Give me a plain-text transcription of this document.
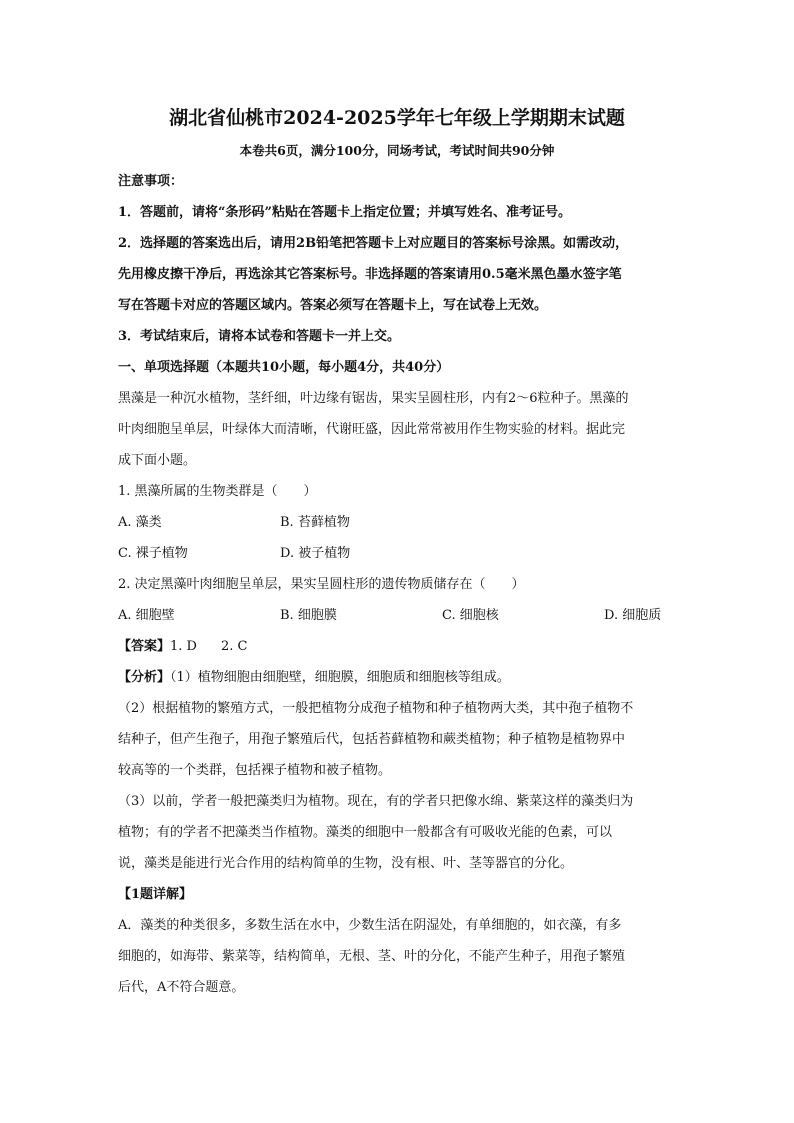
湖北省仙桃市2024-2025学年七年级上学期期末试题

本卷共6页，满分100分，同场考试，考试时间共90分钟

注意事项：

1．答题前，请将“条形码”粘贴在答题卡上指定位置；并填写姓名、准考证号。

2．选择题的答案选出后，请用2B铅笔把答题卡上对应题目的答案标号涂黑。如需改动，

先用橡皮擦干净后，再选涂其它答案标号。非选择题的答案请用0.5毫米黑色墨水签字笔

写在答题卡对应的答题区域内。答案必须写在答题卡上，写在试卷上无效。

3．考试结束后，请将本试卷和答题卡一并上交。

一、单项选择题（本题共10小题，每小题4分，共40分）

黑藻是一种沉水植物，茎纤细，叶边缘有锯齿，果实呈圆柱形，内有2～6粒种子。黑藻的

叶肉细胞呈单层，叶绿体大而清晰，代谢旺盛，因此常常被用作生物实验的材料。据此完

成下面小题。

1. 黑藻所属的生物类群是（　　）

A. 藻类	B. 苔藓植物
C. 裸子植物	D. 被子植物

2. 决定黑藻叶肉细胞呈单层，果实呈圆柱形的遗传物质储存在（　　）

A. 细胞壁	B. 细胞膜	C. 细胞核	D. 细胞质

【答案】1. D 2. C

【分析】（1）植物细胞由细胞壁，细胞膜，细胞质和细胞核等组成。

（2）根据植物的繁殖方式，一般把植物分成孢子植物和种子植物两大类，其中孢子植物不

结种子，但产生孢子，用孢子繁殖后代，包括苔藓植物和蕨类植物；种子植物是植物界中

较高等的一个类群，包括裸子植物和被子植物。

（3）以前，学者一般把藻类归为植物。现在，有的学者只把像水绵、紫菜这样的藻类归为

植物；有的学者不把藻类当作植物。藻类的细胞中一般都含有可吸收光能的色素，可以

说，藻类是能进行光合作用的结构简单的生物，没有根、叶、茎等器官的分化。

【1题详解】

A．藻类的种类很多，多数生活在水中，少数生活在阴湿处，有单细胞的，如衣藻，有多

细胞的，如海带、紫菜等，结构简单，无根、茎、叶的分化，不能产生种子，用孢子繁殖

后代，A不符合题意。
